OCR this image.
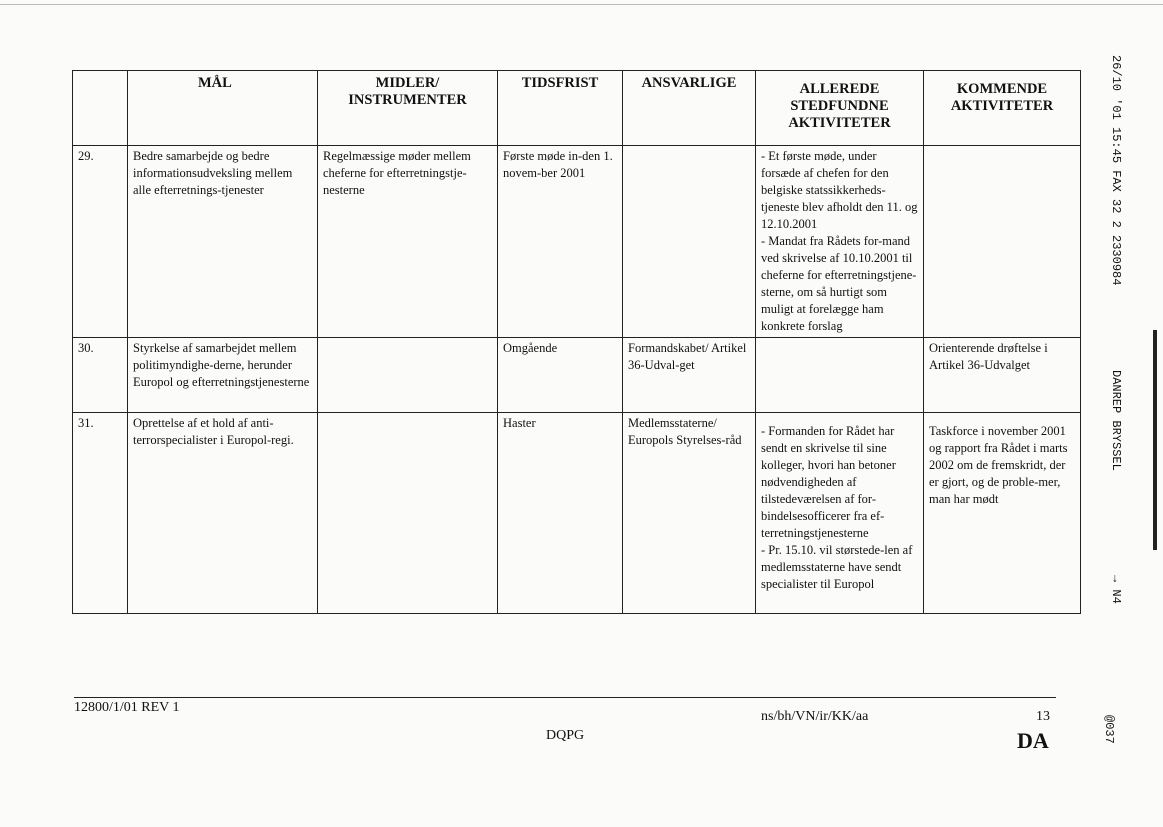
	MÅL	MIDLER/
INSTRUMENTER	TIDSFRIST	ANSVARLIGE	ALLEREDE
STEDFUNDNE
AKTIVITETER	KOMMENDE
AKTIVITETER
29.	Bedre samarbejde og bedre informationsudveksling mellem alle efterretnings-tjenester	Regelmæssige møder mellem cheferne for efterretningstje-nesterne	Første møde in-den 1. novem-ber 2001		- Et første møde, under forsæde af chefen for den belgiske statssikkerheds-tjeneste blev afholdt den 11. og 12.10.2001
- Mandat fra Rådets for-mand ved skrivelse af 10.10.2001 til cheferne for efterretningstjene-sterne, om så hurtigt som muligt at forelægge ham konkrete forslag	
30.	Styrkelse af samarbejdet mellem politimyndighe-derne, herunder Europol og efterretningstjenesterne		Omgående	Formandskabet/ Artikel 36-Udval-get		Orienterende drøftelse i Artikel 36-Udvalget
31.	Oprettelse af et hold af anti-terrorspecialister i Europol-regi.		Haster	Medlemsstaterne/ Europols Styrelses-råd	- Formanden for Rådet har sendt en skrivelse til sine kolleger, hvori han betoner nødvendigheden af tilstedeværelsen af for-bindelsesofficerer fra ef-terretningstjenesterne
- Pr. 15.10. vil størstede-len af medlemsstaterne have sendt specialister til Europol	Taskforce i november 2001 og rapport fra Rådet i marts 2002 om de fremskridt, der er gjort, og de proble-mer, man har mødt
26/10 '01 15:45 FAX 32 2 2330984
DANREP BRYSSEL
→ N4
12800/1/01 REV 1
DQPG
ns/bh/VN/ir/KK/aa	13
DA	@037
